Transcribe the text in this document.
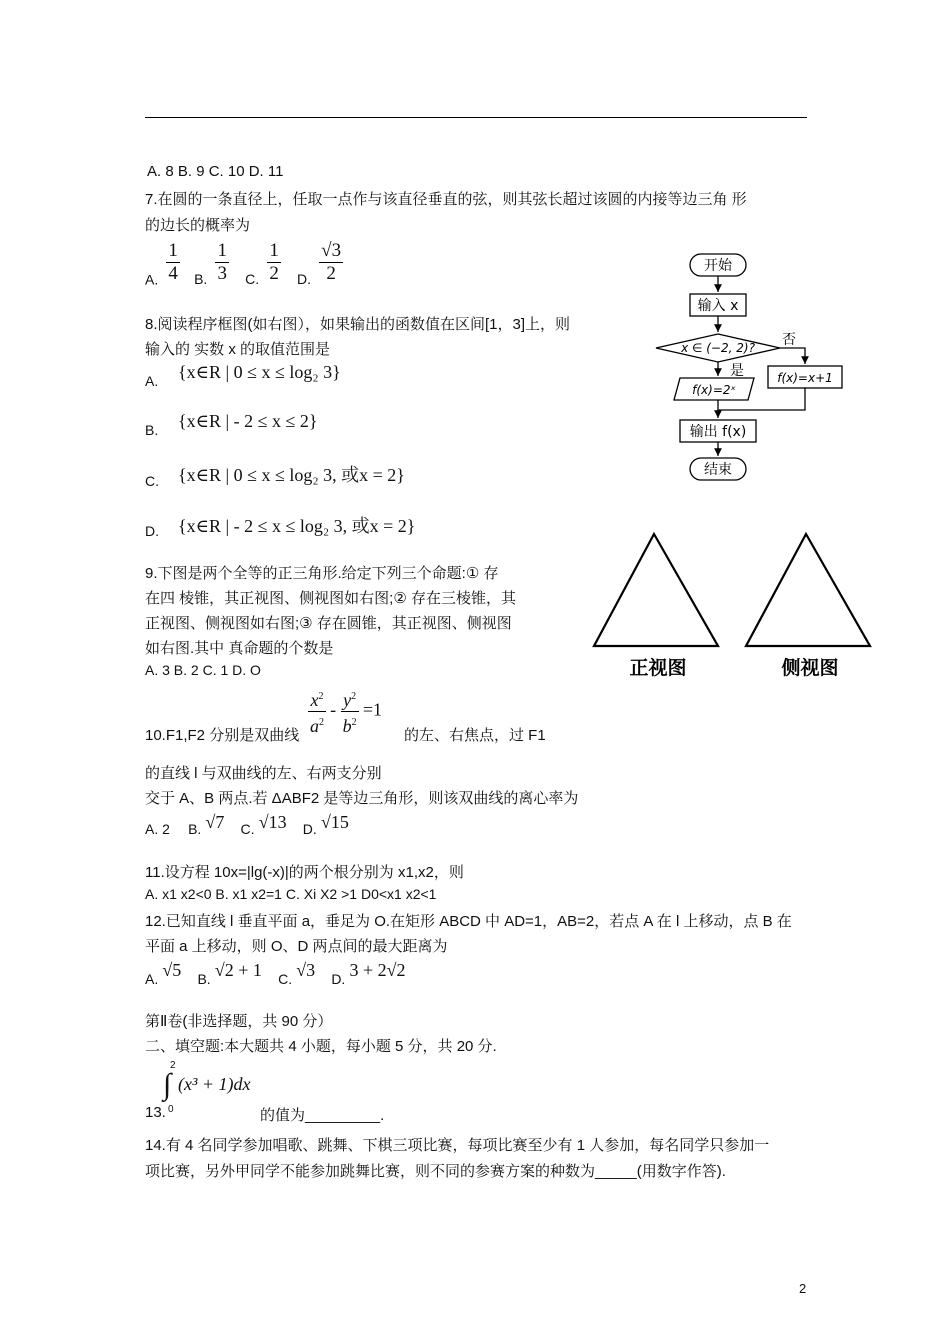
A. 8 B. 9 C. 10 D. 11
7.在圆的一条直径上，任取一点作与该直径垂直的弦，则其弦长超过该圆的内接等边三角 形
的边长的概率为
A. $\frac{1}{4} B$. $\frac{1}{3} C$. $\frac{1}{2} D$. $\frac{√3}{2}$
8.阅读程序框图(如右图），如果输出的函数值在区间[1，3]上，则
输入的 实数 x 的取值范围是
A. {x∈R | 0 ≤ x ≤ log₂ 3}
B. {x∈R | - 2 ≤ x ≤ 2}
C. {x∈R | 0 ≤ x ≤ log₂ 3, 或x = 2}
D. {x∈R | - 2 ≤ x ≤ log₂ 3, 或x = 2}
开始
输入 x
x ∈ (−2, 2)? 否
是
f(x)=2ˣ
f(x)=x+1
输出 f(x)
结束
9.下图是两个全等的正三角形.给定下列三个命题:① 存
在四 棱锥，其正视图、侧视图如右图;② 存在三棱锥，其
正视图、侧视图如右图;③ 存在圆锥，其正视图、侧视图
如右图.其中 真命题的个数是
A. 3 B. 2 C. 1 D. O	正视图	侧视图
10.F1,F2 分别是双曲线 $\frac{x^2}{a^2} - \frac{y^2}{b^2} =1$
的左、右焦点，过 F1
的直线 l 与双曲线的左、右两支分别
交于 A、B 两点.若 ΔABF2 是等边三角形，则该双曲线的离心率为
A. 2 B. √7 C. √13 D. √15
11.设方程 10x=|lg(-x)|的两个根分别为 x1,x2，则
A. x1 x2<0 B. x1 x2=1 C. Xi X2 >1 D0<x1 x2<1
12.已知直线 l 垂直平面 a，垂足为 O.在矩形 ABCD 中 AD=1，AB=2，若点 A 在 l 上移动，点 B 在
平面 a 上移动，则 O、D 两点间的最大距离为
A. √5 B. √2 + 1 C. √3 D. 3 + 2√2
第Ⅱ卷(非选择题，共 90 分）
二、填空题:本大题共 4 小题，每小题 5 分，共 20 分.
2
∫ (x³ + 1)dx
0
13.	的值为_________.
14.有 4 名同学参加唱歌、跳舞、下棋三项比赛，每项比赛至少有 1 人参加，每名同学只参加一
项比赛，另外甲同学不能参加跳舞比赛，则不同的参赛方案的种数为_____(用数字作答).
2
